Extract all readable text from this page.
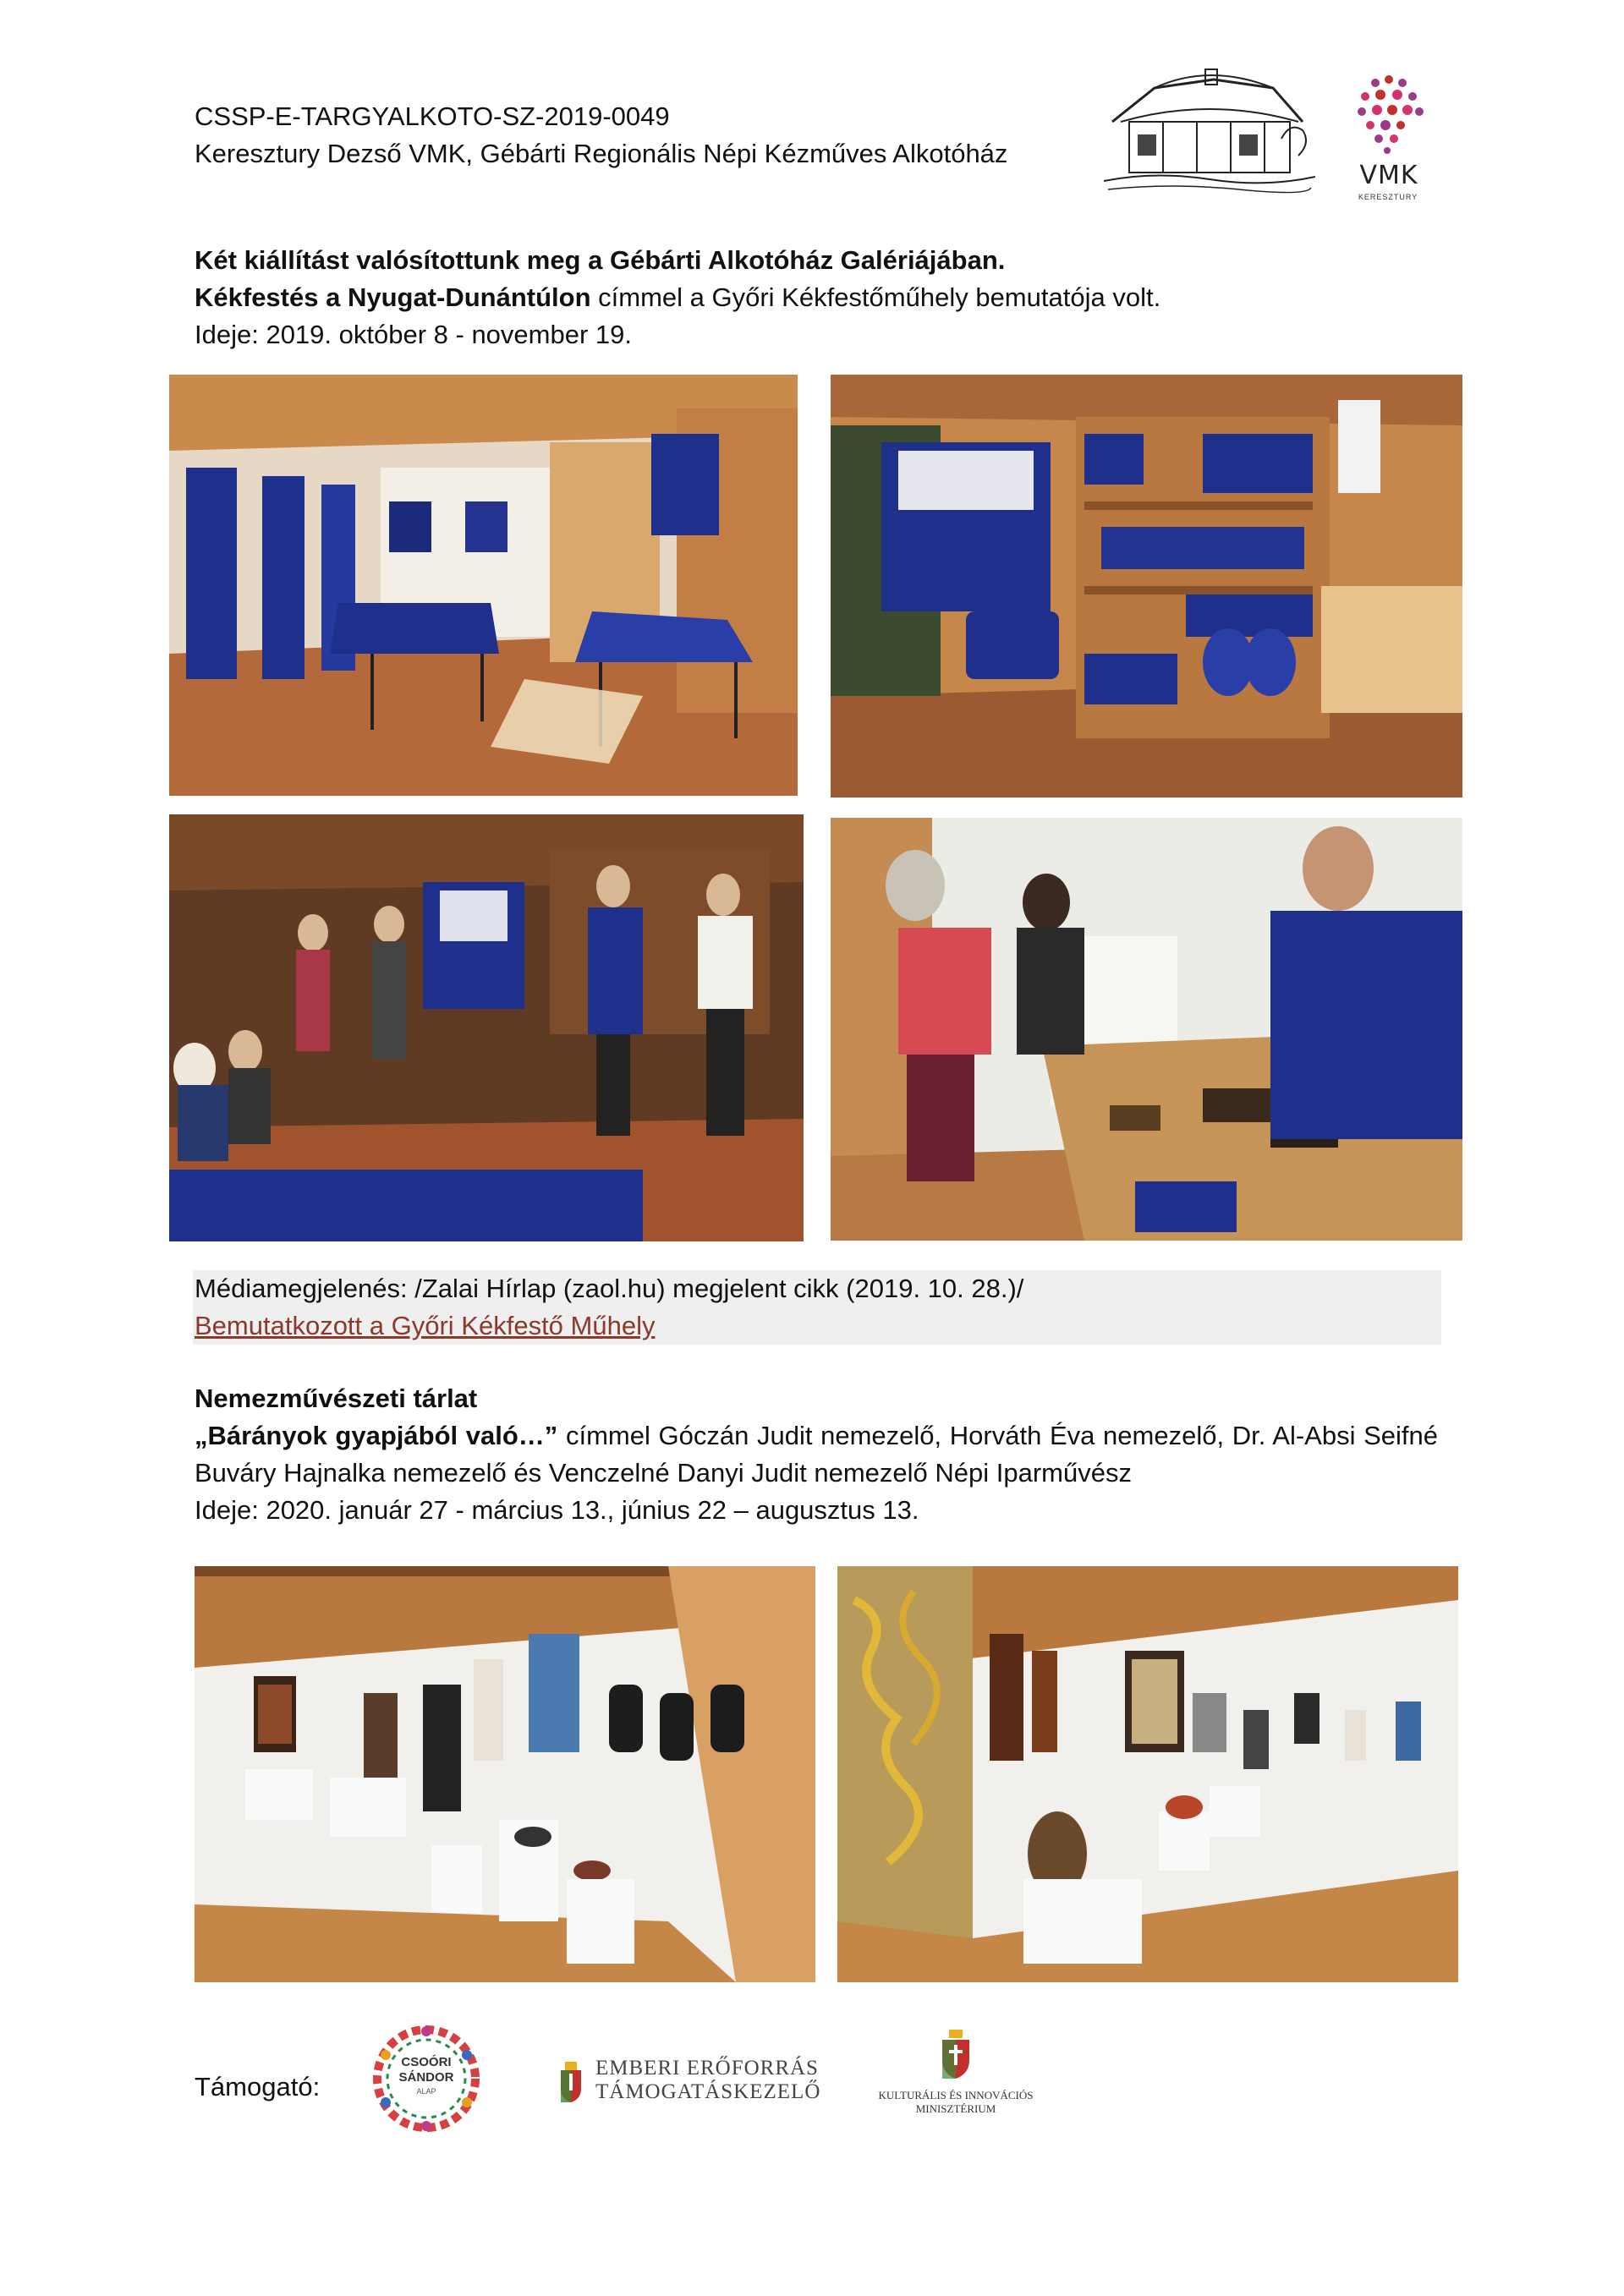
CSSP-E-TARGYALKOTO-SZ-2019-0049
Keresztury Dezső VMK, Gébárti Regionális Népi Kézműves Alkotóház
VMK
KERESZTURY
Két kiállítást valósítottunk meg a Gébárti Alkotóház Galériájában.
Kékfestés a Nyugat-Dunántúlon címmel a Győri Kékfestőműhely bemutatója volt.
Ideje: 2019. október 8 - november 19.
Médiamegjelenés: /Zalai Hírlap (zaol.hu) megjelent cikk (2019. 10. 28.)/
Bemutatkozott a Győri Kékfestő Műhely
Nemezművészeti tárlat
„Bárányok gyapjából való…” címmel Góczán Judit nemezelő, Horváth Éva nemezelő, Dr. Al-Absi Seifné Buváry Hajnalka nemezelő és Venczelné Danyi Judit nemezelő Népi Iparművész
Ideje: 2020. január 27 - március 13., június 22 – augusztus 13.
Támogató:
CSOÓRI
SÁNDOR
ALAP
EMBERI ERŐFORRÁS
TÁMOGATÁSKEZELŐ	KULTURÁLIS ÉS INNOVÁCIÓS
MINISZTÉRIUM
